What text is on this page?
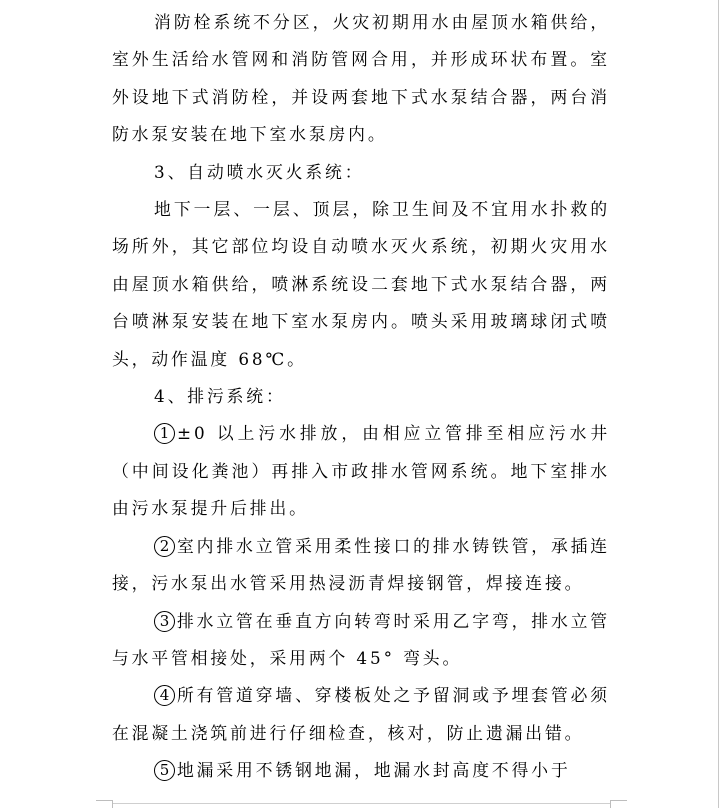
消防栓系统不分区，火灾初期用水由屋顶水箱供给，室外生活给水管网和消防管网合用，并形成环状布置。室外设地下式消防栓，并设两套地下式水泵结合器，两台消防水泵安装在地下室水泵房内。

3、自动喷水灭火系统：

地下一层、一层、顶层，除卫生间及不宜用水扑救的场所外，其它部位均设自动喷水灭火系统，初期火灾用水由屋顶水箱供给，喷淋系统设二套地下式水泵结合器，两台喷淋泵安装在地下室水泵房内。喷头采用玻璃球闭式喷头，动作温度 68℃。

4、排污系统：

1 ±0 以上污水排放，由相应立管排至相应污水井（中间设化粪池）再排入市政排水管网系统。地下室排水由污水泵提升后排出。

2 室内排水立管采用柔性接口的排水铸铁管，承插连接，污水泵出水管采用热浸沥青焊接钢管，焊接连接。

3 排水立管在垂直方向转弯时采用乙字弯，排水立管与水平管相接处，采用两个 45° 弯头。

4 所有管道穿墙、穿楼板处之予留洞或予埋套管必须在混凝土浇筑前进行仔细检查，核对，防止遗漏出错。

5 地漏采用不锈钢地漏，地漏水封高度不得小于
